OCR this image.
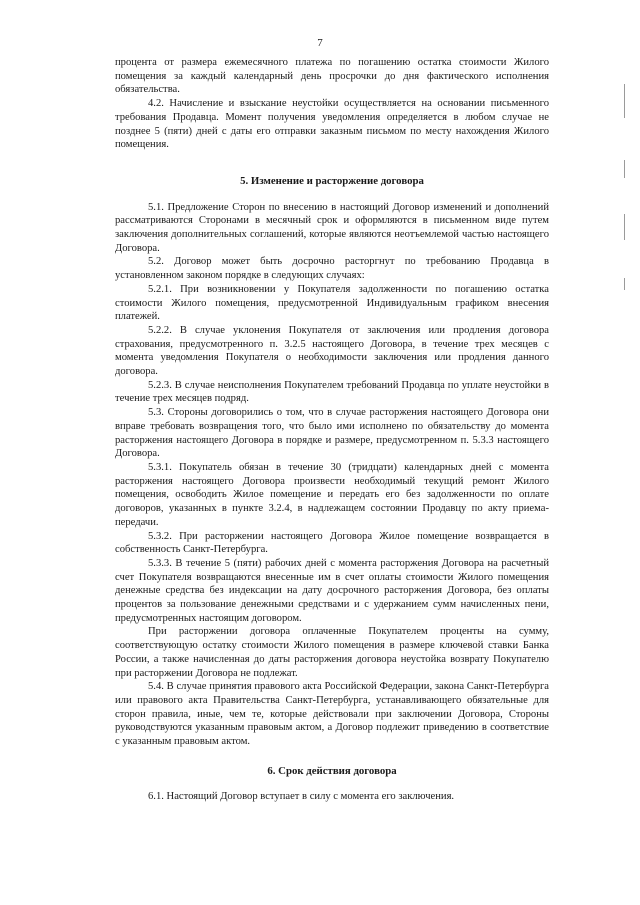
7

процента от размера ежемесячного платежа по погашению остатка стоимости Жилого помещения за каждый календарный день просрочки до дня фактического исполнения обязательства.

4.2. Начисление и взыскание неустойки осуществляется на основании письменного требования Продавца. Момент получения уведомления определяется в любом случае не позднее 5 (пяти) дней с даты его отправки заказным письмом по месту нахождения Жилого помещения.

5. Изменение и расторжение договора

5.1. Предложение Сторон по внесению в настоящий Договор изменений и дополнений рассматриваются Сторонами в месячный срок и оформляются в письменном виде путем заключения дополнительных соглашений, которые являются неотъемлемой частью настоящего Договора.

5.2. Договор может быть досрочно расторгнут по требованию Продавца в установленном законом порядке в следующих случаях:

5.2.1. При возникновении у Покупателя задолженности по погашению остатка стоимости Жилого помещения, предусмотренной Индивидуальным графиком внесения платежей.

5.2.2. В случае уклонения Покупателя от заключения или продления договора страхования, предусмотренного п. 3.2.5 настоящего Договора, в течение трех месяцев с момента уведомления Покупателя о необходимости заключения или продления данного договора.

5.2.3. В случае неисполнения Покупателем требований Продавца по уплате неустойки в течение трех месяцев подряд.

5.3. Стороны договорились о том, что в случае расторжения настоящего Договора они вправе требовать возвращения того, что было ими исполнено по обязательству до момента расторжения настоящего Договора в порядке и размере, предусмотренном п. 5.3.3 настоящего Договора.

5.3.1. Покупатель обязан в течение 30 (тридцати) календарных дней с момента расторжения настоящего Договора произвести необходимый текущий ремонт Жилого помещения, освободить Жилое помещение и передать его без задолженности по оплате договоров, указанных в пункте 3.2.4, в надлежащем состоянии Продавцу по акту приема-передачи.

5.3.2. При расторжении настоящего Договора Жилое помещение возвращается в собственность Санкт-Петербурга.

5.3.3. В течение 5 (пяти) рабочих дней с момента расторжения Договора на расчетный счет Покупателя возвращаются внесенные им в счет оплаты стоимости Жилого помещения денежные средства без индексации на дату досрочного расторжения Договора, без оплаты процентов за пользование денежными средствами и с удержанием сумм начисленных пени, предусмотренных настоящим договором.

При расторжении договора оплаченные Покупателем проценты на сумму, соответствующую остатку стоимости Жилого помещения в размере ключевой ставки Банка России, а также начисленная до даты расторжения договора неустойка возврату Покупателю при расторжении Договора не подлежат.

5.4. В случае принятия правового акта Российской Федерации, закона Санкт-Петербурга или правового акта Правительства Санкт-Петербурга, устанавливающего обязательные для сторон правила, иные, чем те, которые действовали при заключении Договора, Стороны руководствуются указанным правовым актом, а Договор подлежит приведению в соответствие с указанным правовым актом.

6. Срок действия договора

6.1. Настоящий Договор вступает в силу с момента его заключения.
